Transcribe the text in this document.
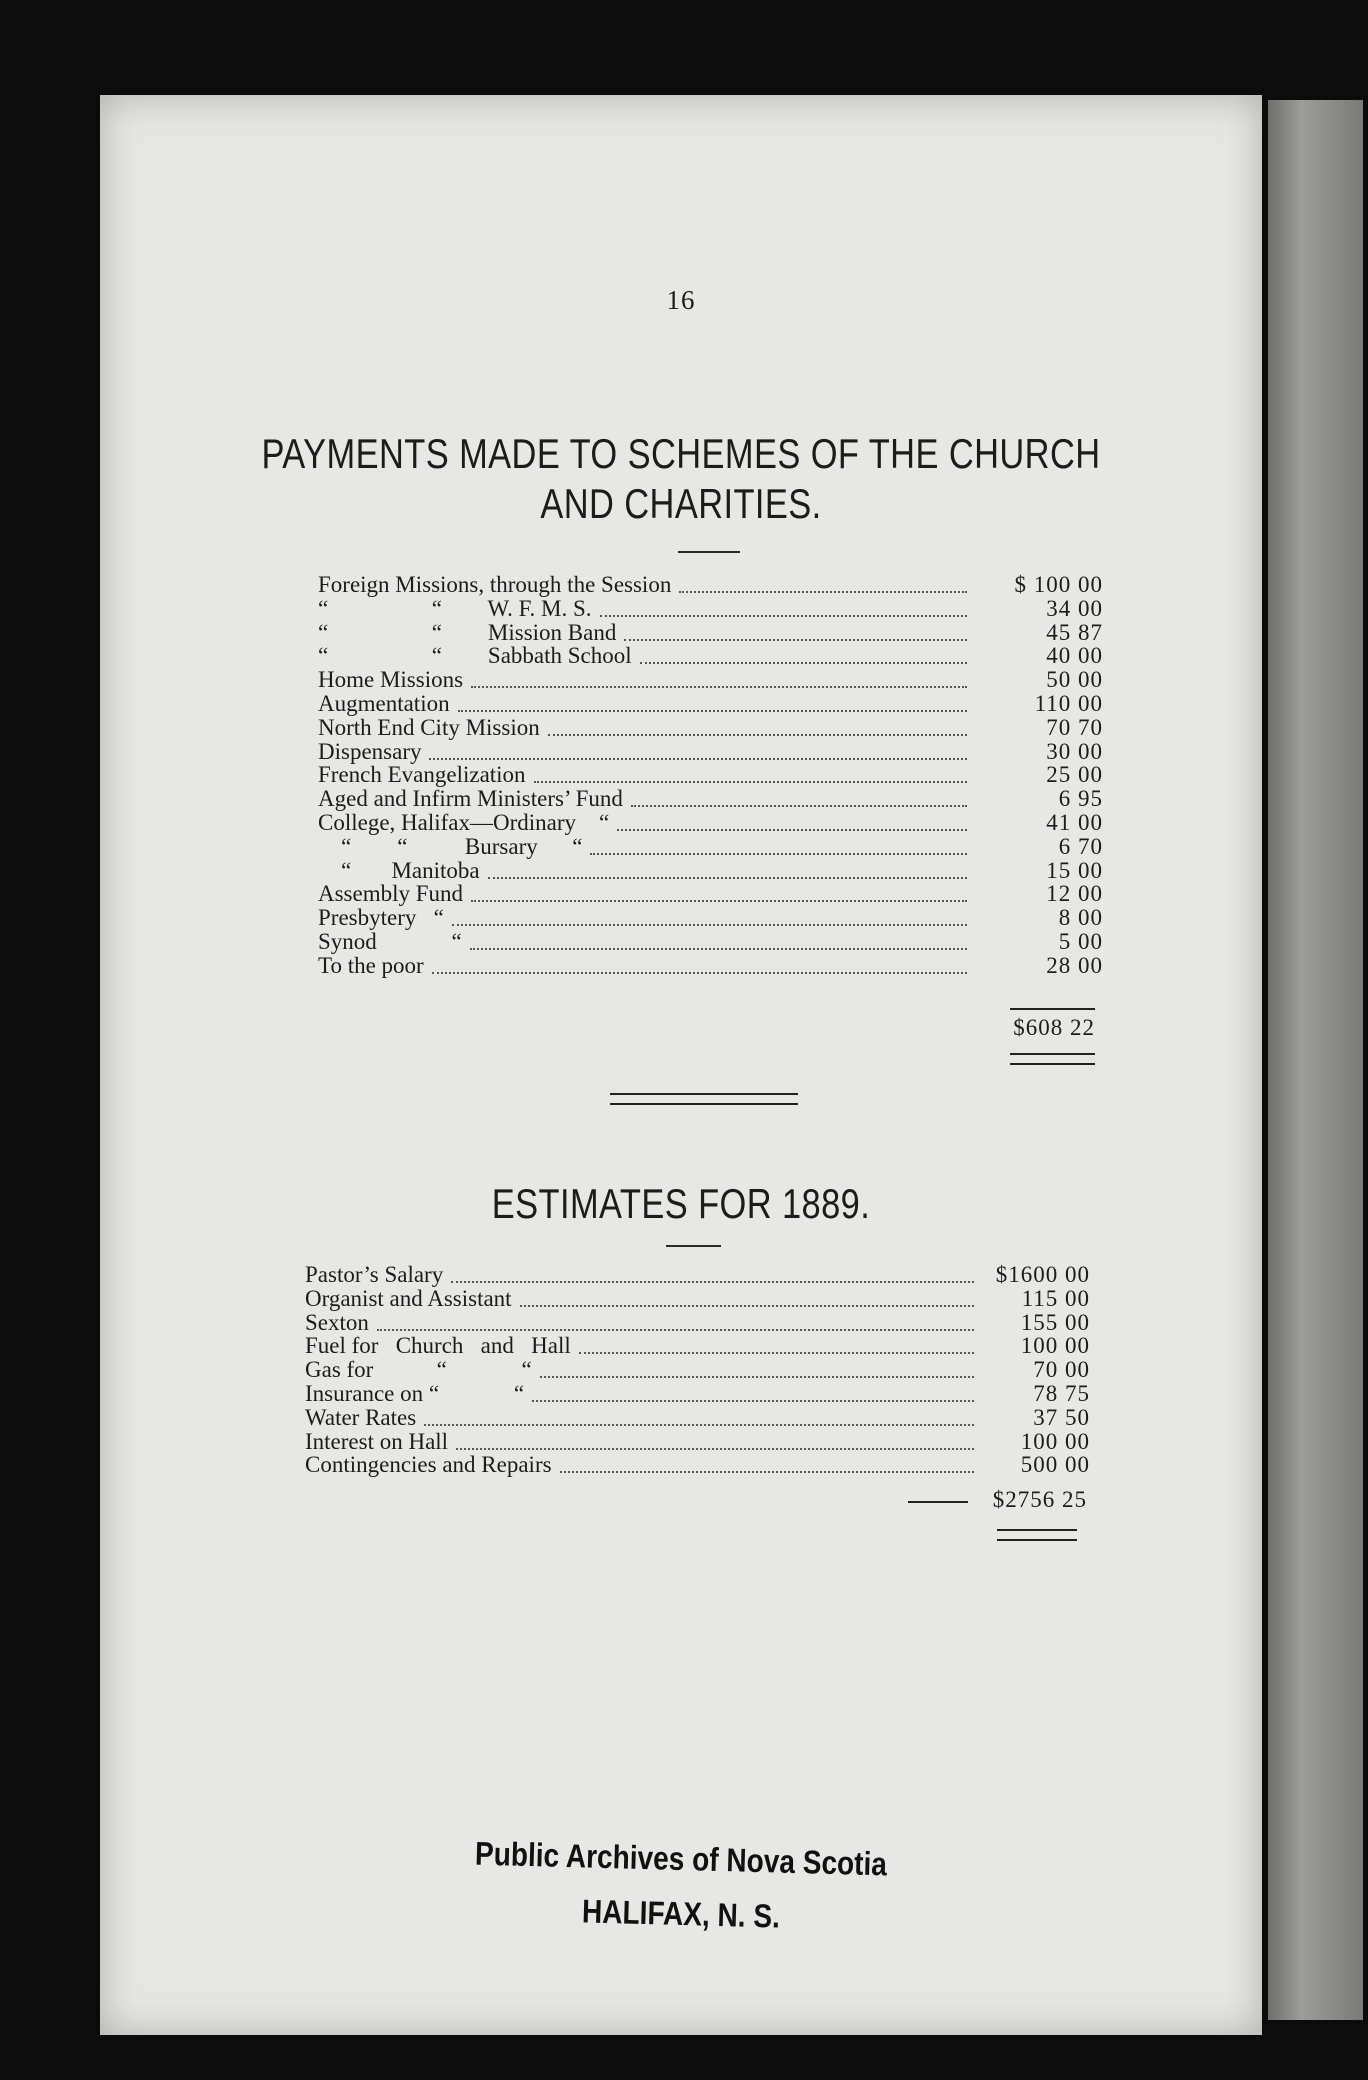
16
PAYMENTS MADE TO SCHEMES OF THE CHURCH
AND CHARITIES.
Foreign Missions, through the Session	$ 100 00
“                  “        W. F. M. S.	34 00
“                  “        Mission Band	45 87
“                  “        Sabbath School	40 00
Home Missions	50 00
Augmentation	110 00
North End City Mission	70 70
Dispensary	30 00
French Evangelization	25 00
Aged and Infirm Ministers’ Fund	6 95
College, Halifax—Ordinary    “	41 00
“        “          Bursary      “	6 70
“       Manitoba	15 00
Assembly Fund	12 00
Presbytery   “	8 00
Synod             “	5 00
To the poor	28 00
$608 22
ESTIMATES FOR 1889.
Pastor’s Salary	$1600 00
Organist and Assistant	115 00
Sexton	155 00
Fuel for   Church   and   Hall	100 00
Gas for           “             “	70 00
Insurance on “             “	78 75
Water Rates	37 50
Interest on Hall	100 00
Contingencies and Repairs	500 00
$2756 25
Public Archives of Nova Scotia
HALIFAX, N. S.
